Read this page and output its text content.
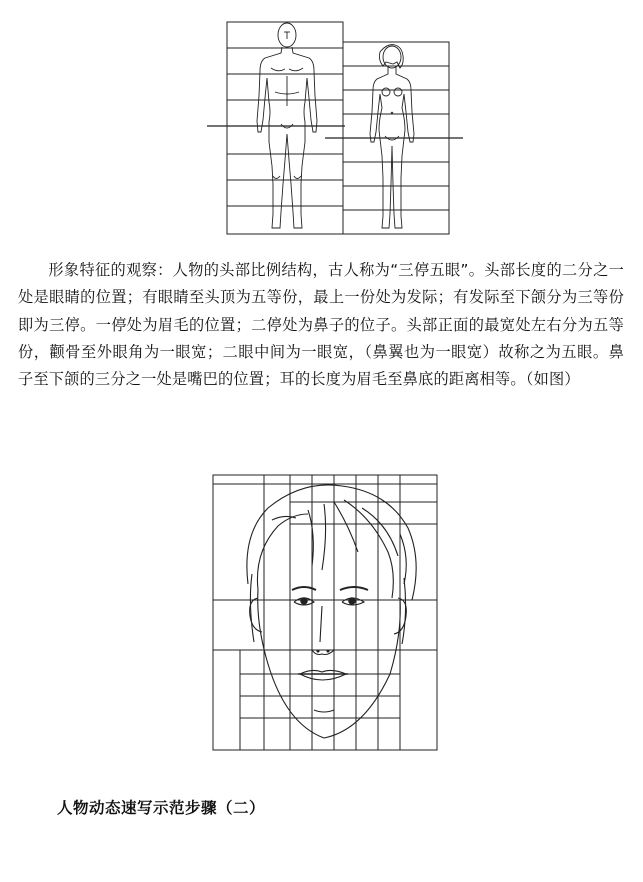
形象特征的观察：人物的头部比例结构，古人称为“三停五眼”。头部长度的二分之一处是眼睛的位置；有眼睛至头顶为五等份，最上一份处为发际；有发际至下颌分为三等份即为三停。一停处为眉毛的位置；二停处为鼻子的位子。头部正面的最宽处左右分为五等份，颧骨至外眼角为一眼宽；二眼中间为一眼宽，（鼻翼也为一眼宽）故称之为五眼。鼻子至下颌的三分之一处是嘴巴的位置；耳的长度为眉毛至鼻底的距离相等。（如图）

人物动态速写示范步骤（二）
